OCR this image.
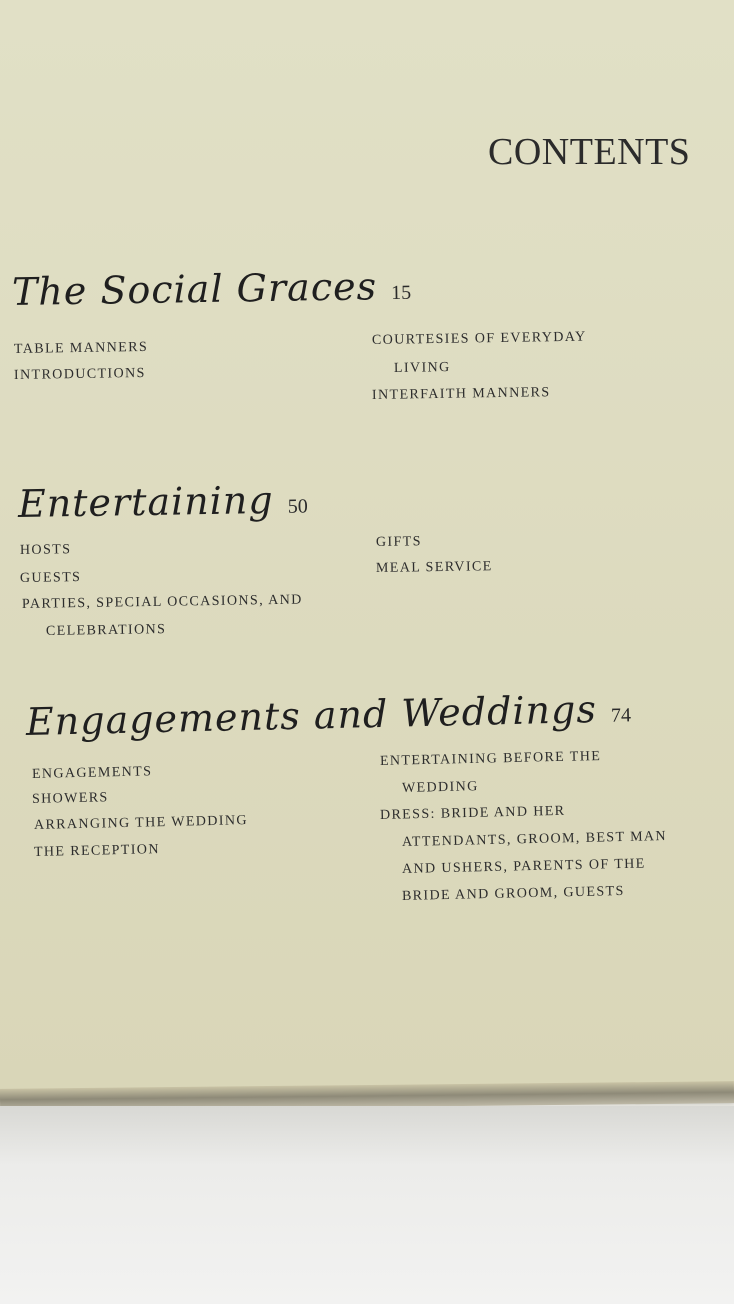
CONTENTS
The Social Graces 15
TABLE MANNERS
INTRODUCTIONS
COURTESIES OF EVERYDAY
LIVING
INTERFAITH MANNERS
Entertaining 50
HOSTS
GUESTS
PARTIES, SPECIAL OCCASIONS, AND
CELEBRATIONS
GIFTS
MEAL SERVICE
Engagements and Weddings 74
ENGAGEMENTS
SHOWERS
ARRANGING THE WEDDING
THE RECEPTION
ENTERTAINING BEFORE THE
WEDDING
DRESS: BRIDE AND HER
ATTENDANTS, GROOM, BEST MAN
AND USHERS, PARENTS OF THE
BRIDE AND GROOM, GUESTS
